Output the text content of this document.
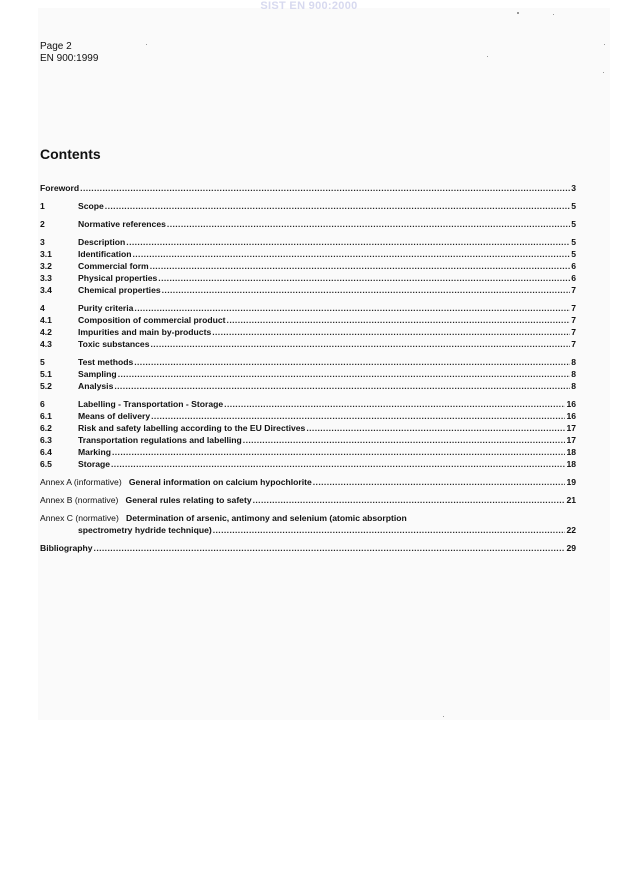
SIST EN 900:2000
Page 2
EN 900:1999
Contents
Foreword .....	3
1	Scope .....	5
2	Normative references .....	5
3	Description .....	5
3.1	Identification .....	5
3.2	Commercial form .....	6
3.3	Physical properties .....	6
3.4	Chemical properties .....	7
4	Purity criteria .....	7
4.1	Composition of commercial product .....	7
4.2	Impurities and main by-products .....	7
4.3	Toxic substances .....	7
5	Test methods .....	8
5.1	Sampling .....	8
5.2	Analysis .....	8
6	Labelling - Transportation - Storage .....	16
6.1	Means of delivery .....	16
6.2	Risk and safety labelling according to the EU Directives .....	17
6.3	Transportation regulations and labelling .....	17
6.4	Marking .....	18
6.5	Storage .....	18
Annex A (informative) General information on calcium hypochlorite .....	19
Annex B (normative) General rules relating to safety .....	21
Annex C (normative) Determination of arsenic, antimony and selenium (atomic absorption
spectrometry hydride technique) .....	22
Bibliography .....	29
